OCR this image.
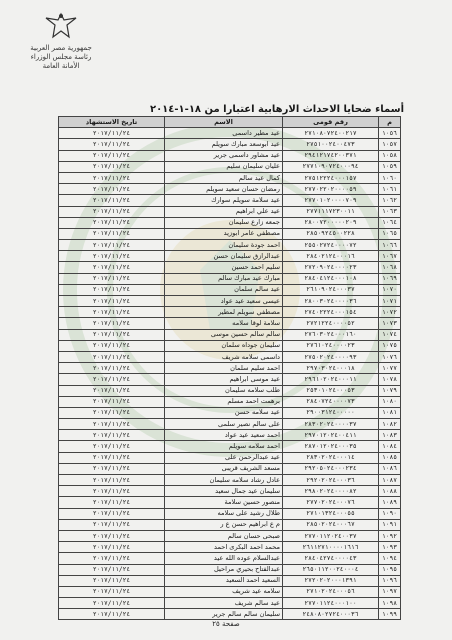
جمهورية مصر العربية
رئاسة مجلس الوزراء
الأمانة العامة
أسماء ضحايا الاحداث الارهابية اعتبارا من ١٨-١-٢٠١٤
م	رقم قومى	الاسم	تاريخ الاستشهاد
١٠٥٦	٢٧١٠٨٠٧٢٤٠٠٢١٧	عيد مطير داسمى	٢٠١٧/١١/٢٤
١٠٥٧	٢٧٥١٠٠٢٤٠٠٤٧٣	عيد ابوسعد مبارك سويلم	٢٠١٧/١١/٢٤
١٠٥٨	٢٩٤١٢١٧٤٢٠٠٣٧١	عيد مشاور داسمى جرير	٢٠١٧/١١/٢٤
١٠٥٩	٢٧٧١٠٩٠٧٢٤٠٠٠٩٤	عليان سليمان سليم	٢٠١٧/١١/٢٤
١٠٦٠	٢٧٥١٢٢٢٤٠٠٠١٥٧	كمال عيد سالم	٢٠١٧/١١/٢٤
١٠٦١	٢٧٧٠٢٢٠٢٠٠٠٠٥٩	رمضان حسان سعيد سويلم	٢٠١٧/١١/٢٤
١٠٦٢	٢٧٧٠١٠٢٠٠٠٠٧٠٩	عيد سلامة سويلم سوارك	٢٠١٧/١١/٢٤
١٠٦٣	٢٧٧١١١٧٢٣٠٠١١	عيد علي ابراهيم	٢٠١٧/١١/٢٤
١٠٦٤	٢٨٠٠٧٢٠٠٠٠٠٢٠٩	جمعه زارع سليمان	٢٠١٧/١١/٢٤
١٠٦٥	٢٨٥٠٩٢٤٥٠٠٢٢٨	مصطفي عامر ابوزيد	٢٠١٧/١١/٢٤
١٠٦٦	٢٥٥٠٢٧٢٤٠٠٠٠٧٢	احمد جودة سليمان	٢٠١٧/١١/٢٤
١٠٦٧	٢٨٤٠٢١٢٤٠٠٠١٦	عبدالرازق سليمان حسن	٢٠١٧/١١/٢٤
١٠٦٨	٢٧٢٠٩٠٢٤٠٠٠٠٢٣	سليم احمد حسين	٢٠١٧/١١/٢٤
١٠٦٩	٢٨٤٠٤١٢٤٠٠٠١٠٨	مبارك عيد مبارك سالم	٢٠١٧/١١/٢٤
١٠٧٠	٢٦١٠٩٠٢٤٠٠٠٣٧	عيد سالم سلمان	٢٠١٧/١١/٢٤
١٠٧١	٢٨٠٠٣٠٢٤٠٠٠٠٣٦	عيسى سعيد عيد عواد	٢٠١٧/١١/٢٤
١٠٧٢	٢٧٤٠٢٢٢٤٠٠٠١٥٤	مصطفي سويلم لمطير	٢٠١٧/١١/٢٤
١٠٧٣	٢٧٢١٢٢٤٠٠٠٠٥٢	سلامة لوقا سلامه	٢٠١٧/١١/٢٤
١٠٧٤	٢٧٦٠٣٠٢٤٠٠٠١٦٠	سالم سالم حسين موسى	٢٠١٧/١١/٢٤
١٠٧٥	٢٧٦١٠٢٤٠٠٠٠٢٣	سليمان جوداه سلمان	٢٠١٧/١١/٢٤
١٠٧٦	٢٧٥٠٢٠٢٤٠٠٠٠٩٣	داسمى سلامه شريف	٢٠١٧/١١/٢٤
١٠٧٧	٢٩٧٠٣٠٢٤٠٠٠١٨	احمد سليم سلمان	٢٠١٧/١١/٢٤
١٠٧٨	٢٩٦١٠٢٠٢٤٠٠٠١١	عيد موسى ابراهيم	٢٠١٧/١١/٢٤
١٠٧٩	٢٥٣٠١٠٢٤٠٠٠٥٣	طلب سلامه سليمان	٢٠١٧/١١/٢٤
١٠٨٠	٢٨٤٠٧٢٤٠٠٠٠٧٣	برهمت احمد مسلم	٢٠١٧/١١/٢٤
١٠٨١	٢٩٠٠٣١٢٤٠٠٠٠٠	عيد سلامه حسن	٢٠١٧/١١/٢٤
١٠٨٢	٢٨٣٠٢٠٢٤٠٠٠٠٣٧	على سالم نصير سلمى	٢٠١٧/١١/٢٤
١٠٨٣	٢٩٧٠١٢٠٢٤٠٠٤١١	احمد سعيد عيد عواد	٢٠١٧/١١/٢٤
١٠٨٤	٢٨٧٠١٢٠٢٤٠٠٠٣٥	احمد سلامه سويلم	٢٠١٧/١١/٢٤
١٠٨٥	٢٨٣٠٢٠٢٤٠٠٠١٤	عيد عبدالرحمن على	٢٠١٧/١١/٢٤
١٠٨٦	٢٩٢٠٥٠٢٤٠٠٠٢٣٤	مسعد الشريف قريبى	٢٠١٧/١١/٢٤
١٠٨٧	٢٩٢٠٢٠٢٤٠٠٠٣٦	عادل رشاد سلامه سليمان	٢٠١٧/١١/٢٤
١٠٨٨	٢٩٨٠٢٠٢٤٠٠٠٠٨٢	سليمان عيد جمال سعيد	٢٠١٧/١١/٢٤
١٠٨٩	٢٧٧٠٢٠٢٤٠٠٠٧٦	منصور حسين سلامة	٢٠١٧/١١/٢٤
١٠٩٠	٢٧١٠١٣٢٤٠٠٠٥٥	طلال رشيد على سلامه	٢٠١٧/١١/٢٤
١٠٩١	٢٨٥٠٢٠٢٤٠٠٠٦٧	م ع ابراهيم حسن ع ر	٢٠١٧/١١/٢٤
١٠٩٢	٢٧٧٠١١٢٠٢٤٠٠٣٧	صبحى حسان سالم	٢٠١٧/١١/٢٤
١٠٩٣	٢٦١١٢٧١٠٠٠٠١٦١٦	محمد احمد البكرى احمد	٢٠١٧/١١/٢٤
١٠٩٤	٢٨٤٠٤٢٧٤٠٠٠٠٤٣	عبدالسلام عوده الله عيد	٢٠١٧/١١/٢٤
١٠٩٥	٢٦٥٠١١٢٠٠٢٤٠٠٠٤	عبدالفتاح بحيري مراحيل	٢٠١٧/١١/٢٤
١٠٩٦	٢٧٢٠٢٠٢٠٠٠١٣٩١	السعيد احمد السعيد	٢٠١٧/١١/٢٤
١٠٩٧	٢٧١٠٢٠٢٤٠٠٠٥٦	سلامه عيد شريف	٢٠١٧/١١/٢٤
١٠٩٨	٢٧٧٠١١٢٤٠٠٠١٠٠	عيد سالم شريف	٢٠١٧/١١/٢٤
١٠٩٩	٢٤٨٠٨٠٢٧٢٤٠٠٠٣٦	سليمان سالم سالم جرير	٢٠١٧/١١/٢٤
صفحة ٢٥
